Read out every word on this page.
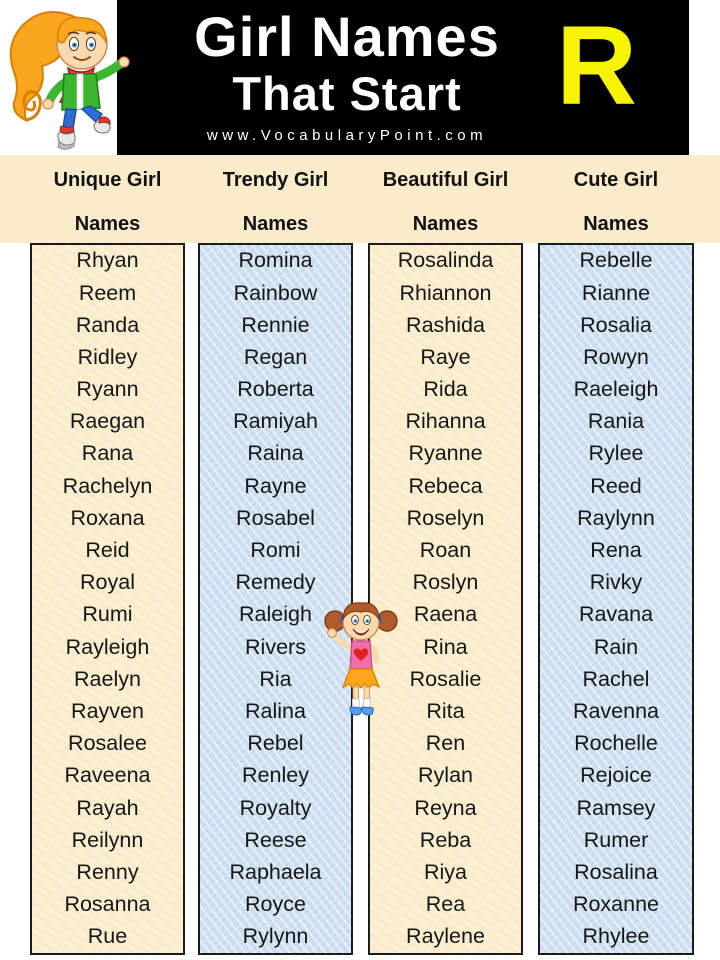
Girl Names
That Start
www.VocabularyPoint.com
R
Unique Girl
Names
Trendy Girl
Names
Beautiful Girl
Names
Cute Girl
Names
Rhyan
Reem
Randa
Ridley
Ryann
Raegan
Rana
Rachelyn
Roxana
Reid
Royal
Rumi
Rayleigh
Raelyn
Rayven
Rosalee
Raveena
Rayah
Reilynn
Renny
Rosanna
Rue
Romina
Rainbow
Rennie
Regan
Roberta
Ramiyah
Raina
Rayne
Rosabel
Romi
Remedy
Raleigh
Rivers
Ria
Ralina
Rebel
Renley
Royalty
Reese
Raphaela
Royce
Rylynn
Rosalinda
Rhiannon
Rashida
Raye
Rida
Rihanna
Ryanne
Rebeca
Roselyn
Roan
Roslyn
Raena
Rina
Rosalie
Rita
Ren
Rylan
Reyna
Reba
Riya
Rea
Raylene
Rebelle
Rianne
Rosalia
Rowyn
Raeleigh
Rania
Rylee
Reed
Raylynn
Rena
Rivky
Ravana
Rain
Rachel
Ravenna
Rochelle
Rejoice
Ramsey
Rumer
Rosalina
Roxanne
Rhylee
